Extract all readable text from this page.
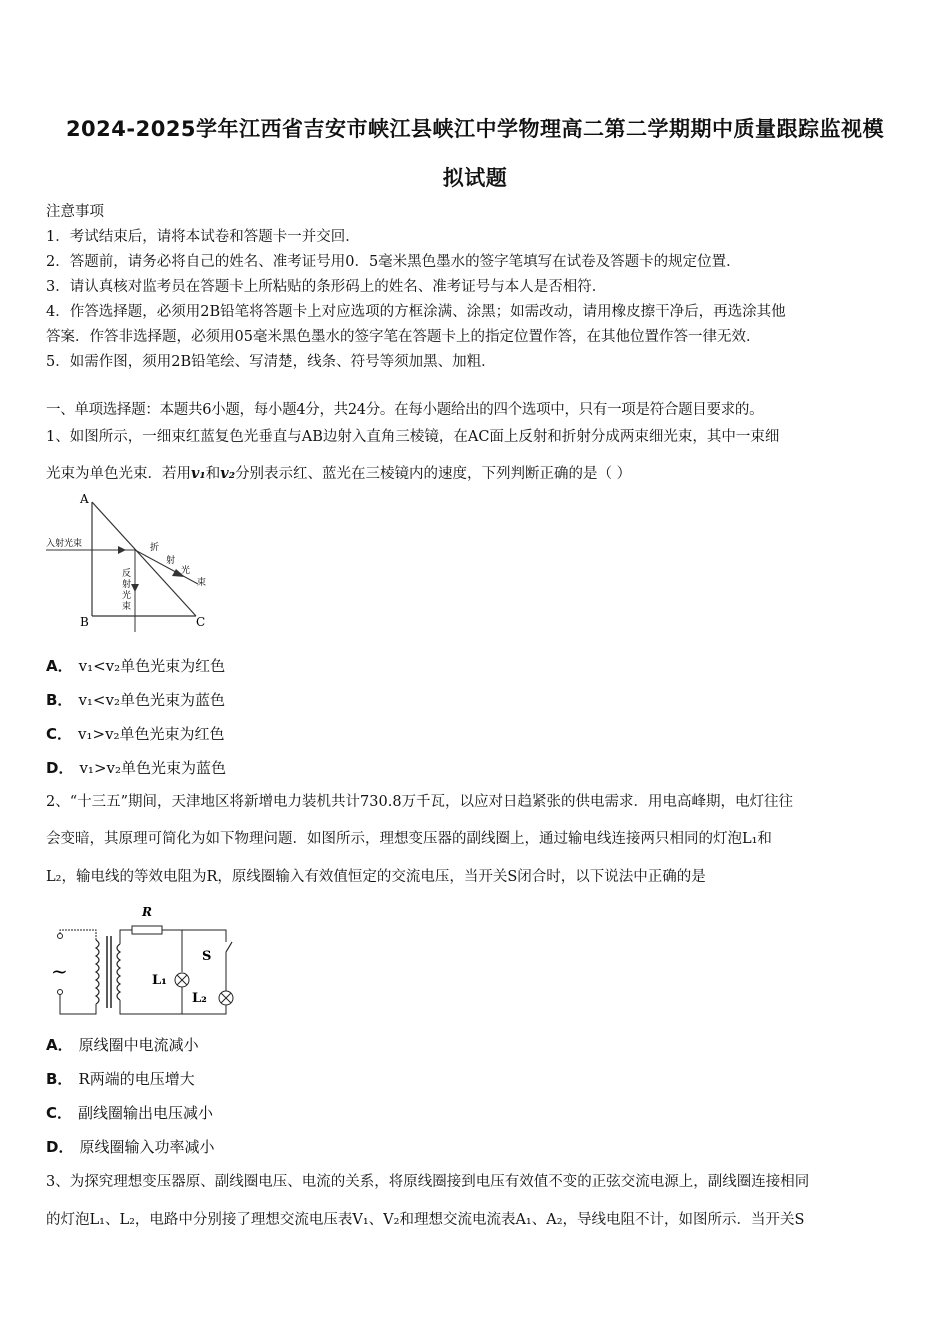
2024-2025学年江西省吉安市峡江县峡江中学物理高二第二学期期中质量跟踪监视模
拟试题
注意事项
1．考试结束后，请将本试卷和答题卡一并交回．
2．答题前，请务必将自己的姓名、准考证号用0．5毫米黑色墨水的签字笔填写在试卷及答题卡的规定位置．
3．请认真核对监考员在答题卡上所粘贴的条形码上的姓名、准考证号与本人是否相符．
4．作答选择题，必须用2B铅笔将答题卡上对应选项的方框涂满、涂黑；如需改动，请用橡皮擦干净后，再选涂其他
答案．作答非选择题，必须用05毫米黑色墨水的签字笔在答题卡上的指定位置作答，在其他位置作答一律无效．
5．如需作图，须用2B铅笔绘、写清楚，线条、符号等须加黑、加粗．
一、单项选择题：本题共6小题，每小题4分，共24分。在每小题给出的四个选项中，只有一项是符合题目要求的。
1、如图所示，一细束红蓝复色光垂直与AB边射入直角三棱镜，在AC面上反射和折射分成两束细光束，其中一束细
光束为单色光束．若用v₁和v₂分别表示红、蓝光在三棱镜内的速度，下列判断正确的是（ ）
A
B	C
入射光束	折
射
光
束
反
射
光
束
A． v₁<v₂单色光束为红色
B． v₁<v₂单色光束为蓝色
C． v₁>v₂单色光束为红色
D． v₁>v₂单色光束为蓝色
2、“十三五”期间，天津地区将新增电力装机共计730.8万千瓦，以应对日趋紧张的供电需求．用电高峰期，电灯往往
会变暗，其原理可简化为如下物理问题．如图所示，理想变压器的副线圈上，通过输电线连接两只相同的灯泡L₁和
L₂，输电线的等效电阻为R，原线圈输入有效值恒定的交流电压，当开关S闭合时，以下说法中正确的是
~
R
L₁
S
L₂
A． 原线圈中电流减小
B． R两端的电压增大
C． 副线圈输出电压减小
D． 原线圈输入功率减小
3、为探究理想变压器原、副线圈电压、电流的关系，将原线圈接到电压有效值不变的正弦交流电源上，副线圈连接相同
的灯泡L₁、L₂，电路中分别接了理想交流电压表V₁、V₂和理想交流电流表A₁、A₂，导线电阻不计，如图所示．当开关S
